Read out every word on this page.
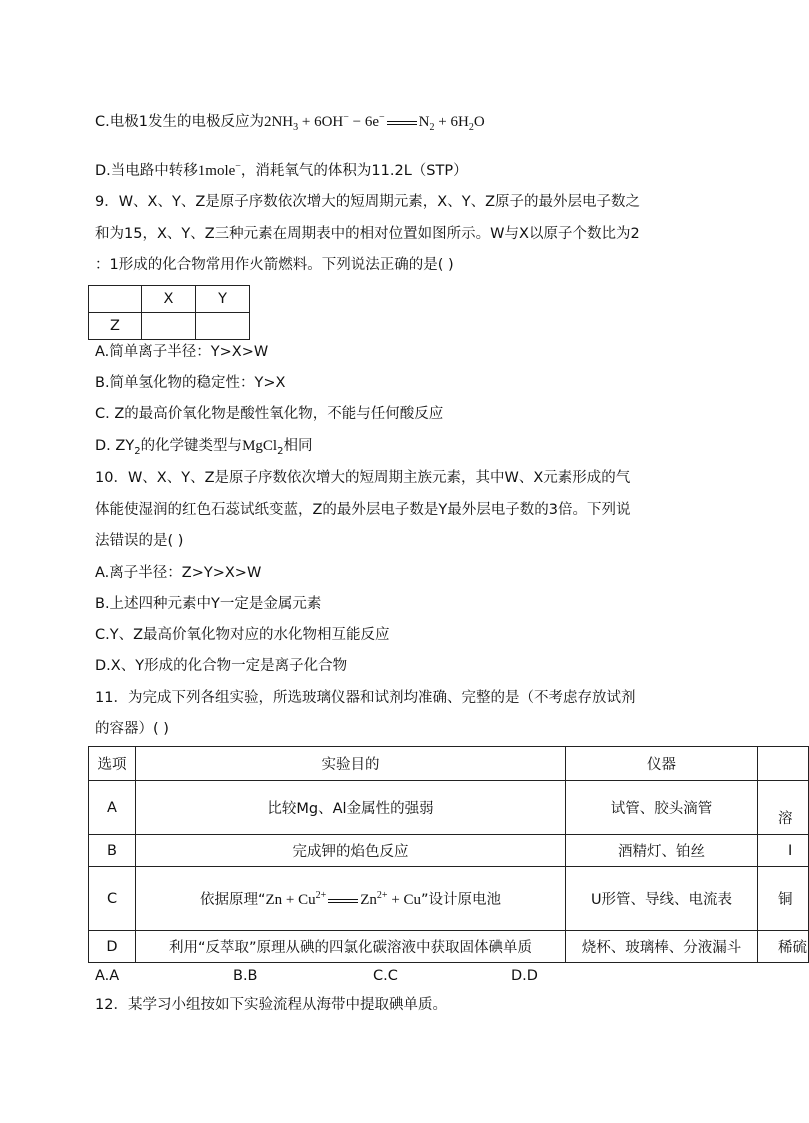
C.电极1发生的电极反应为$2NH_3 + 6OH^- - 6e^-$ $N_2 + 6H_2O$
D.当电路中转移1mole−，消耗氧气的体积为11.2L（STP）
9．W、X、Y、Z是原子序数依次增大的短周期元素，X、Y、Z原子的最外层电子数之
和为15，X、Y、Z三种元素在周期表中的相对位置如图所示。W与X以原子个数比为2
：1形成的化合物常用作火箭燃料。下列说法正确的是( )
	X	Y
Z		
A.简单离子半径：Y>X>W
B.简单氢化物的稳定性：Y>X
C. Z的最高价氧化物是酸性氧化物，不能与任何酸反应
D. $ZY_2$的化学键类型与MgCl$_2$相同
10．W、X、Y、Z是原子序数依次增大的短周期主族元素，其中W、X元素形成的气
体能使湿润的红色石蕊试纸变蓝，Z的最外层电子数是Y最外层电子数的3倍。下列说
法错误的是( )
A.离子半径：Z>Y>X>W
B.上述四种元素中Y一定是金属元素
C.Y、Z最高价氧化物对应的水化物相互能反应
D.X、Y形成的化合物一定是离子化合物
11．为完成下列各组实验，所选玻璃仪器和试剂均准确、完整的是（不考虑存放试剂
的容器）( )
选项	实验目的	仪器	
A	比较Mg、Al金属性的强弱	试管、胶头滴管	溶
B	完成钾的焰色反应	酒精灯、铂丝	I
C	依据原理“$Zn + Cu^{2+}$ $Zn^{2+} + Cu$”设计原电池	U形管、导线、电流表	铜
D	利用“反萃取”原理从碘的四氯化碳溶液中获取固体碘单质	烧杯、玻璃棒、分液漏斗	稀硫
A.A	B.B	C.C	D.D
12．某学习小组按如下实验流程从海带中提取碘单质。
